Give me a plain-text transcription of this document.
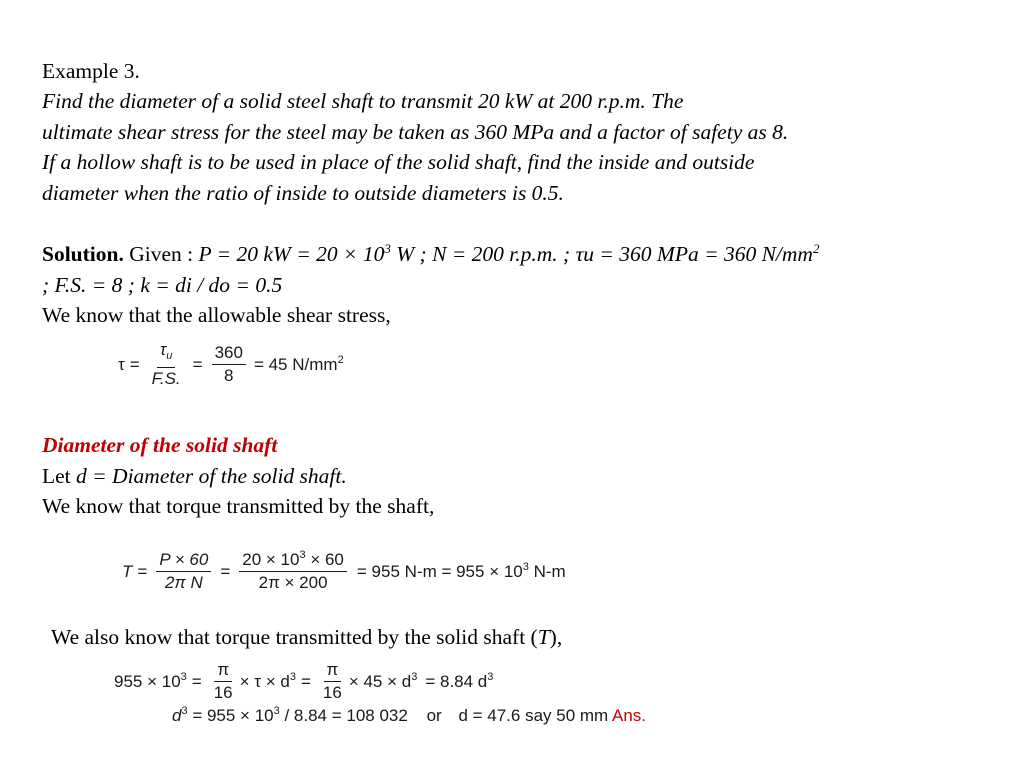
Example 3.
Find the diameter of a solid steel shaft to transmit 20 kW at 200 r.p.m. The
ultimate shear stress for the steel may be taken as 360 MPa and a factor of safety as 8.
If a hollow shaft is to be used in place of the solid shaft, find the inside and outside
diameter when the ratio of inside to outside diameters is 0.5.
Solution. Given : P = 20 kW = $20 \times 10^3$ W ; N = 200 r.p.m. ; τu = 360 MPa = 360 $N/mm^2$
; F.S. = 8 ; k = di / do = 0.5
We know that the allowable shear stress,
$\tau = \frac{\tau_u}{F.S.} = \frac{360}{8} = 45$ $N/mm^2$
Diameter of the solid shaft
Let d = Diameter of the solid shaft.
We know that torque transmitted by the shaft,
$T = \frac{P \times 60}{\text{2π N}} = \frac{20 \times 10^3 \times 60}{2\pi \times 200} = 955$ $N-m = 955 \times 10^3$ N-m
We also know that torque transmitted by the solid shaft (T),
$955 \times 10^3 = \frac{\pi}{16} \times \tau \times d^3 = \frac{\pi}{16} \times 45 \times d^3 = 8.84$ $d^3$
$d^3 = 955 \times 10^3 / 8.84 = 108$ 032 or d = 47.6 say 50 mm Ans.
